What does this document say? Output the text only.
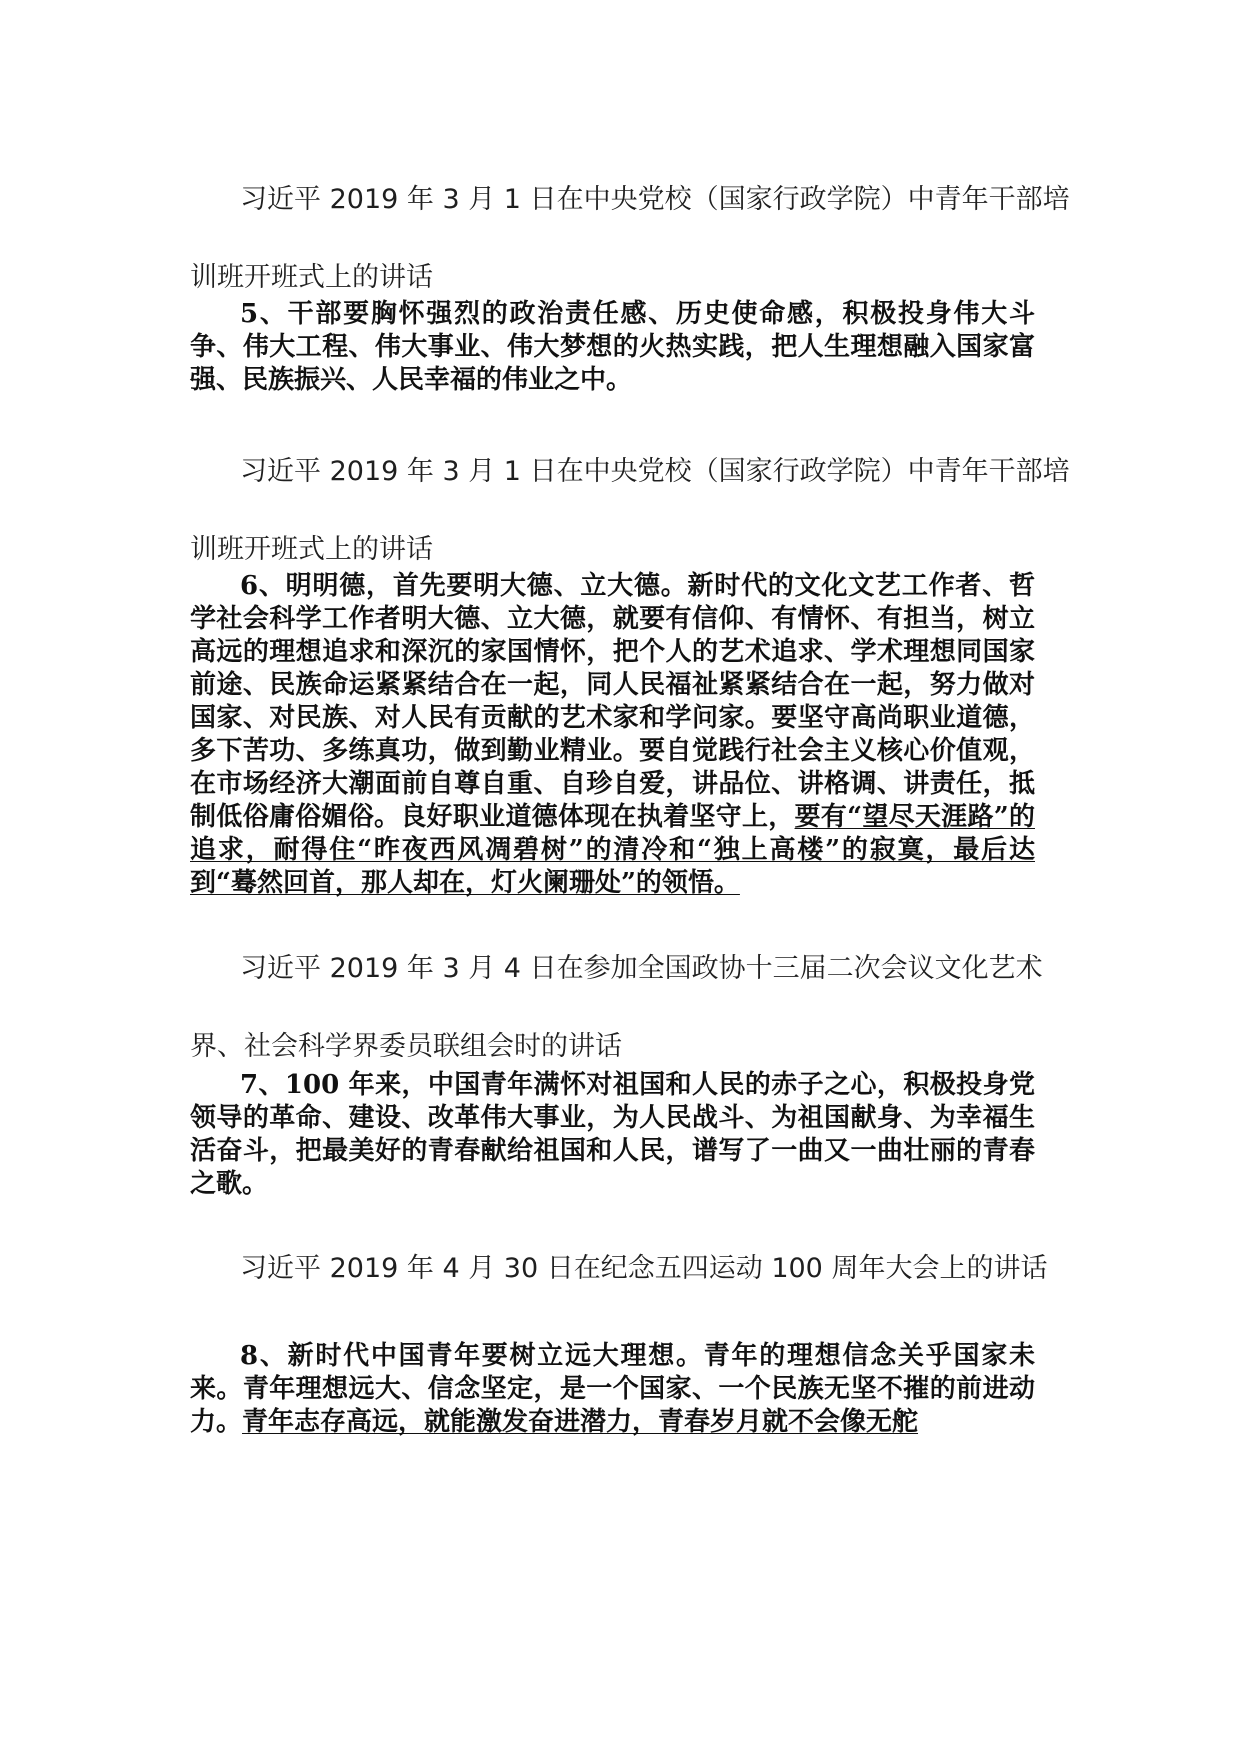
习近平 2019 年 3 月 1 日在中央党校（国家行政学院）中青年干部培训班开班式上的讲话

5、干部要胸怀强烈的政治责任感、历史使命感，积极投身伟大斗争、伟大工程、伟大事业、伟大梦想的火热实践，把人生理想融入国家富强、民族振兴、人民幸福的伟业之中。

习近平 2019 年 3 月 1 日在中央党校（国家行政学院）中青年干部培训班开班式上的讲话

6、明明德，首先要明大德、立大德。新时代的文化文艺工作者、哲学社会科学工作者明大德、立大德，就要有信仰、有情怀、有担当，树立高远的理想追求和深沉的家国情怀，把个人的艺术追求、学术理想同国家前途、民族命运紧紧结合在一起，同人民福祉紧紧结合在一起，努力做对国家、对民族、对人民有贡献的艺术家和学问家。要坚守高尚职业道德，多下苦功、多练真功，做到勤业精业。要自觉践行社会主义核心价值观，在市场经济大潮面前自尊自重、自珍自爱，讲品位、讲格调、讲责任，抵制低俗庸俗媚俗。良好职业道德体现在执着坚守上，要有“望尽天涯路”的追求，耐得住“昨夜西风凋碧树”的清冷和“独上高楼”的寂寞，最后达到“蓦然回首，那人却在，灯火阑珊处”的领悟。

习近平 2019 年 3 月 4 日在参加全国政协十三届二次会议文化艺术界、社会科学界委员联组会时的讲话

7、100 年来，中国青年满怀对祖国和人民的赤子之心，积极投身党领导的革命、建设、改革伟大事业，为人民战斗、为祖国献身、为幸福生活奋斗，把最美好的青春献给祖国和人民，谱写了一曲又一曲壮丽的青春之歌。

习近平 2019 年 4 月 30 日在纪念五四运动 100 周年大会上的讲话

8、新时代中国青年要树立远大理想。青年的理想信念关乎国家未来。青年理想远大、信念坚定，是一个国家、一个民族无坚不摧的前进动力。青年志存高远，就能激发奋进潜力，青春岁月就不会像无舵
